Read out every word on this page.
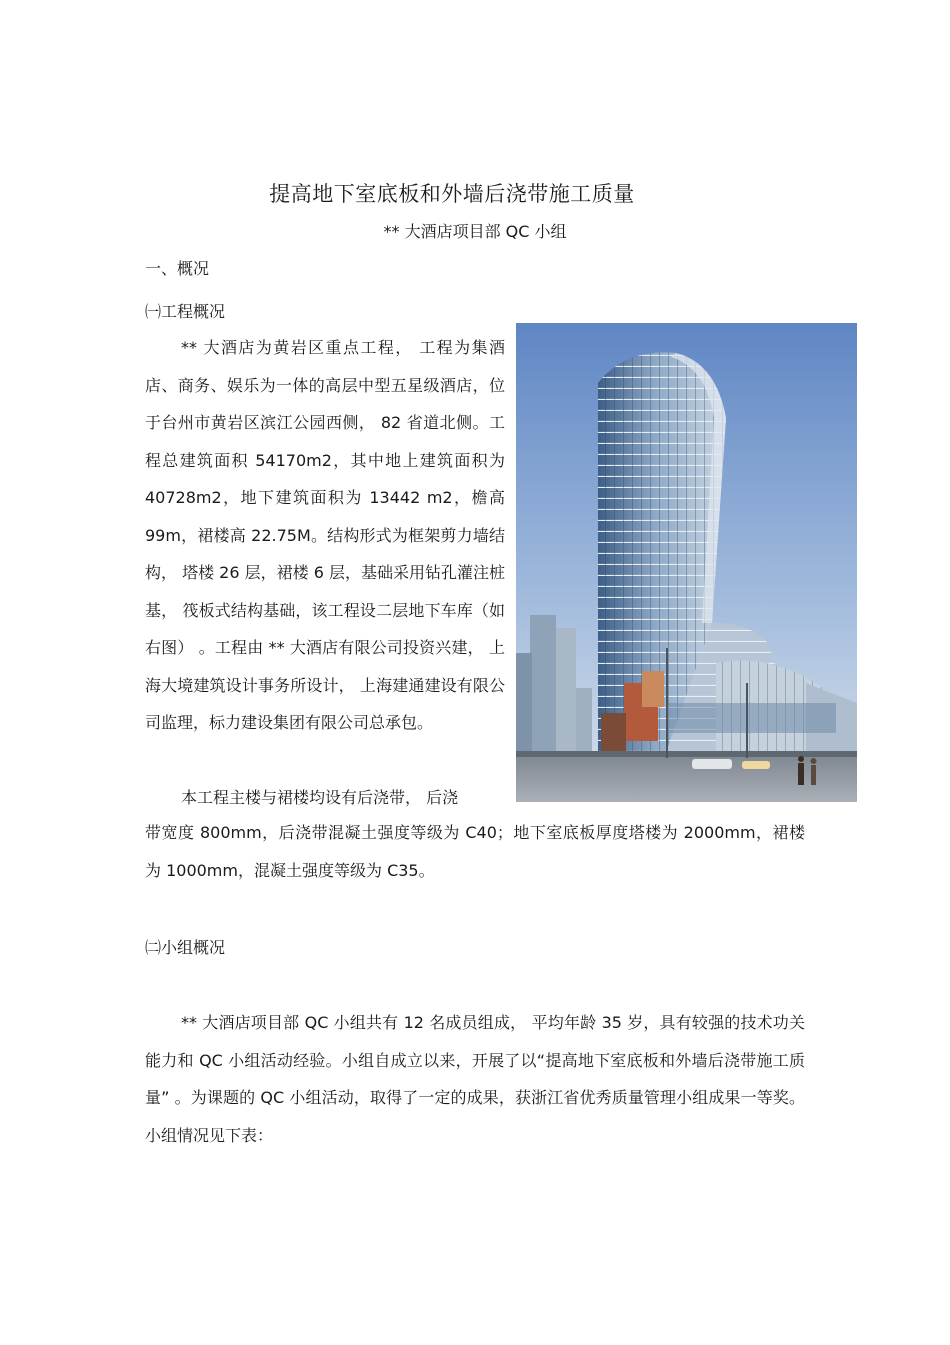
提高地下室底板和外墙后浇带施工质量
** 大酒店项目部 QC 小组
一、概况
㈠工程概况
** 大酒店为黄岩区重点工程， 工程为集酒店、商务、娱乐为一体的高层中型五星级酒店，位于台州市黄岩区滨江公园西侧， 82 省道北侧。工程总建筑面积 54170m2，其中地上建筑面积为 40728m2，地下建筑面积为 13442 m2，檐高 99m，裙楼高 22.75M。结构形式为框架剪力墙结构， 塔楼 26 层，裙楼 6 层，基础采用钻孔灌注桩基， 筏板式结构基础，该工程设二层地下车库（如右图） 。工程由 ** 大酒店有限公司投资兴建， 上海大境建筑设计事务所设计， 上海建通建设有限公司监理，标力建设集团有限公司总承包。
本工程主楼与裙楼均设有后浇带， 后浇
带宽度 800mm，后浇带混凝土强度等级为 C40；地下室底板厚度塔楼为 2000mm，裙楼为 1000mm，混凝土强度等级为 C35。
㈡小组概况
** 大酒店项目部 QC 小组共有 12 名成员组成， 平均年龄 35 岁，具有较强的技术功关能力和 QC 小组活动经验。小组自成立以来，开展了以“提高地下室底板和外墙后浇带施工质量” 。为课题的 QC 小组活动，取得了一定的成果，获浙江省优秀质量管理小组成果一等奖。小组情况见下表：
